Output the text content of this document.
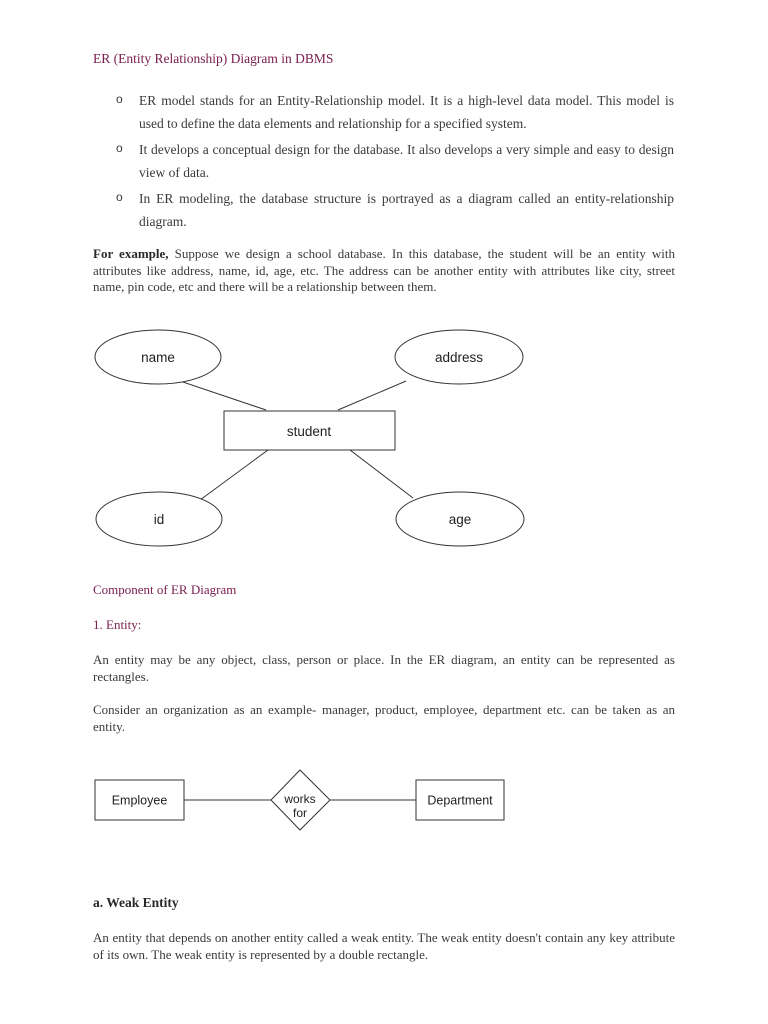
ER (Entity Relationship) Diagram in DBMS
o ER model stands for an Entity-Relationship model. It is a high-level data model. This model is used to define the data elements and relationship for a specified system.
o It develops a conceptual design for the database. It also develops a very simple and easy to design view of data.
o In ER modeling, the database structure is portrayed as a diagram called an entity-relationship diagram.
For example, Suppose we design a school database. In this database, the student will be an entity with attributes like address, name, id, age, etc. The address can be another entity with attributes like city, street name, pin code, etc and there will be a relationship between them.
name	address
id	age
student
Component of ER Diagram
1. Entity:
An entity may be any object, class, person or place. In the ER diagram, an entity can be represented as rectangles.
Consider an organization as an example- manager, product, employee, department etc. can be taken as an entity.
Employee	works
for
Department
a. Weak Entity
An entity that depends on another entity called a weak entity. The weak entity doesn't contain any key attribute of its own. The weak entity is represented by a double rectangle.
